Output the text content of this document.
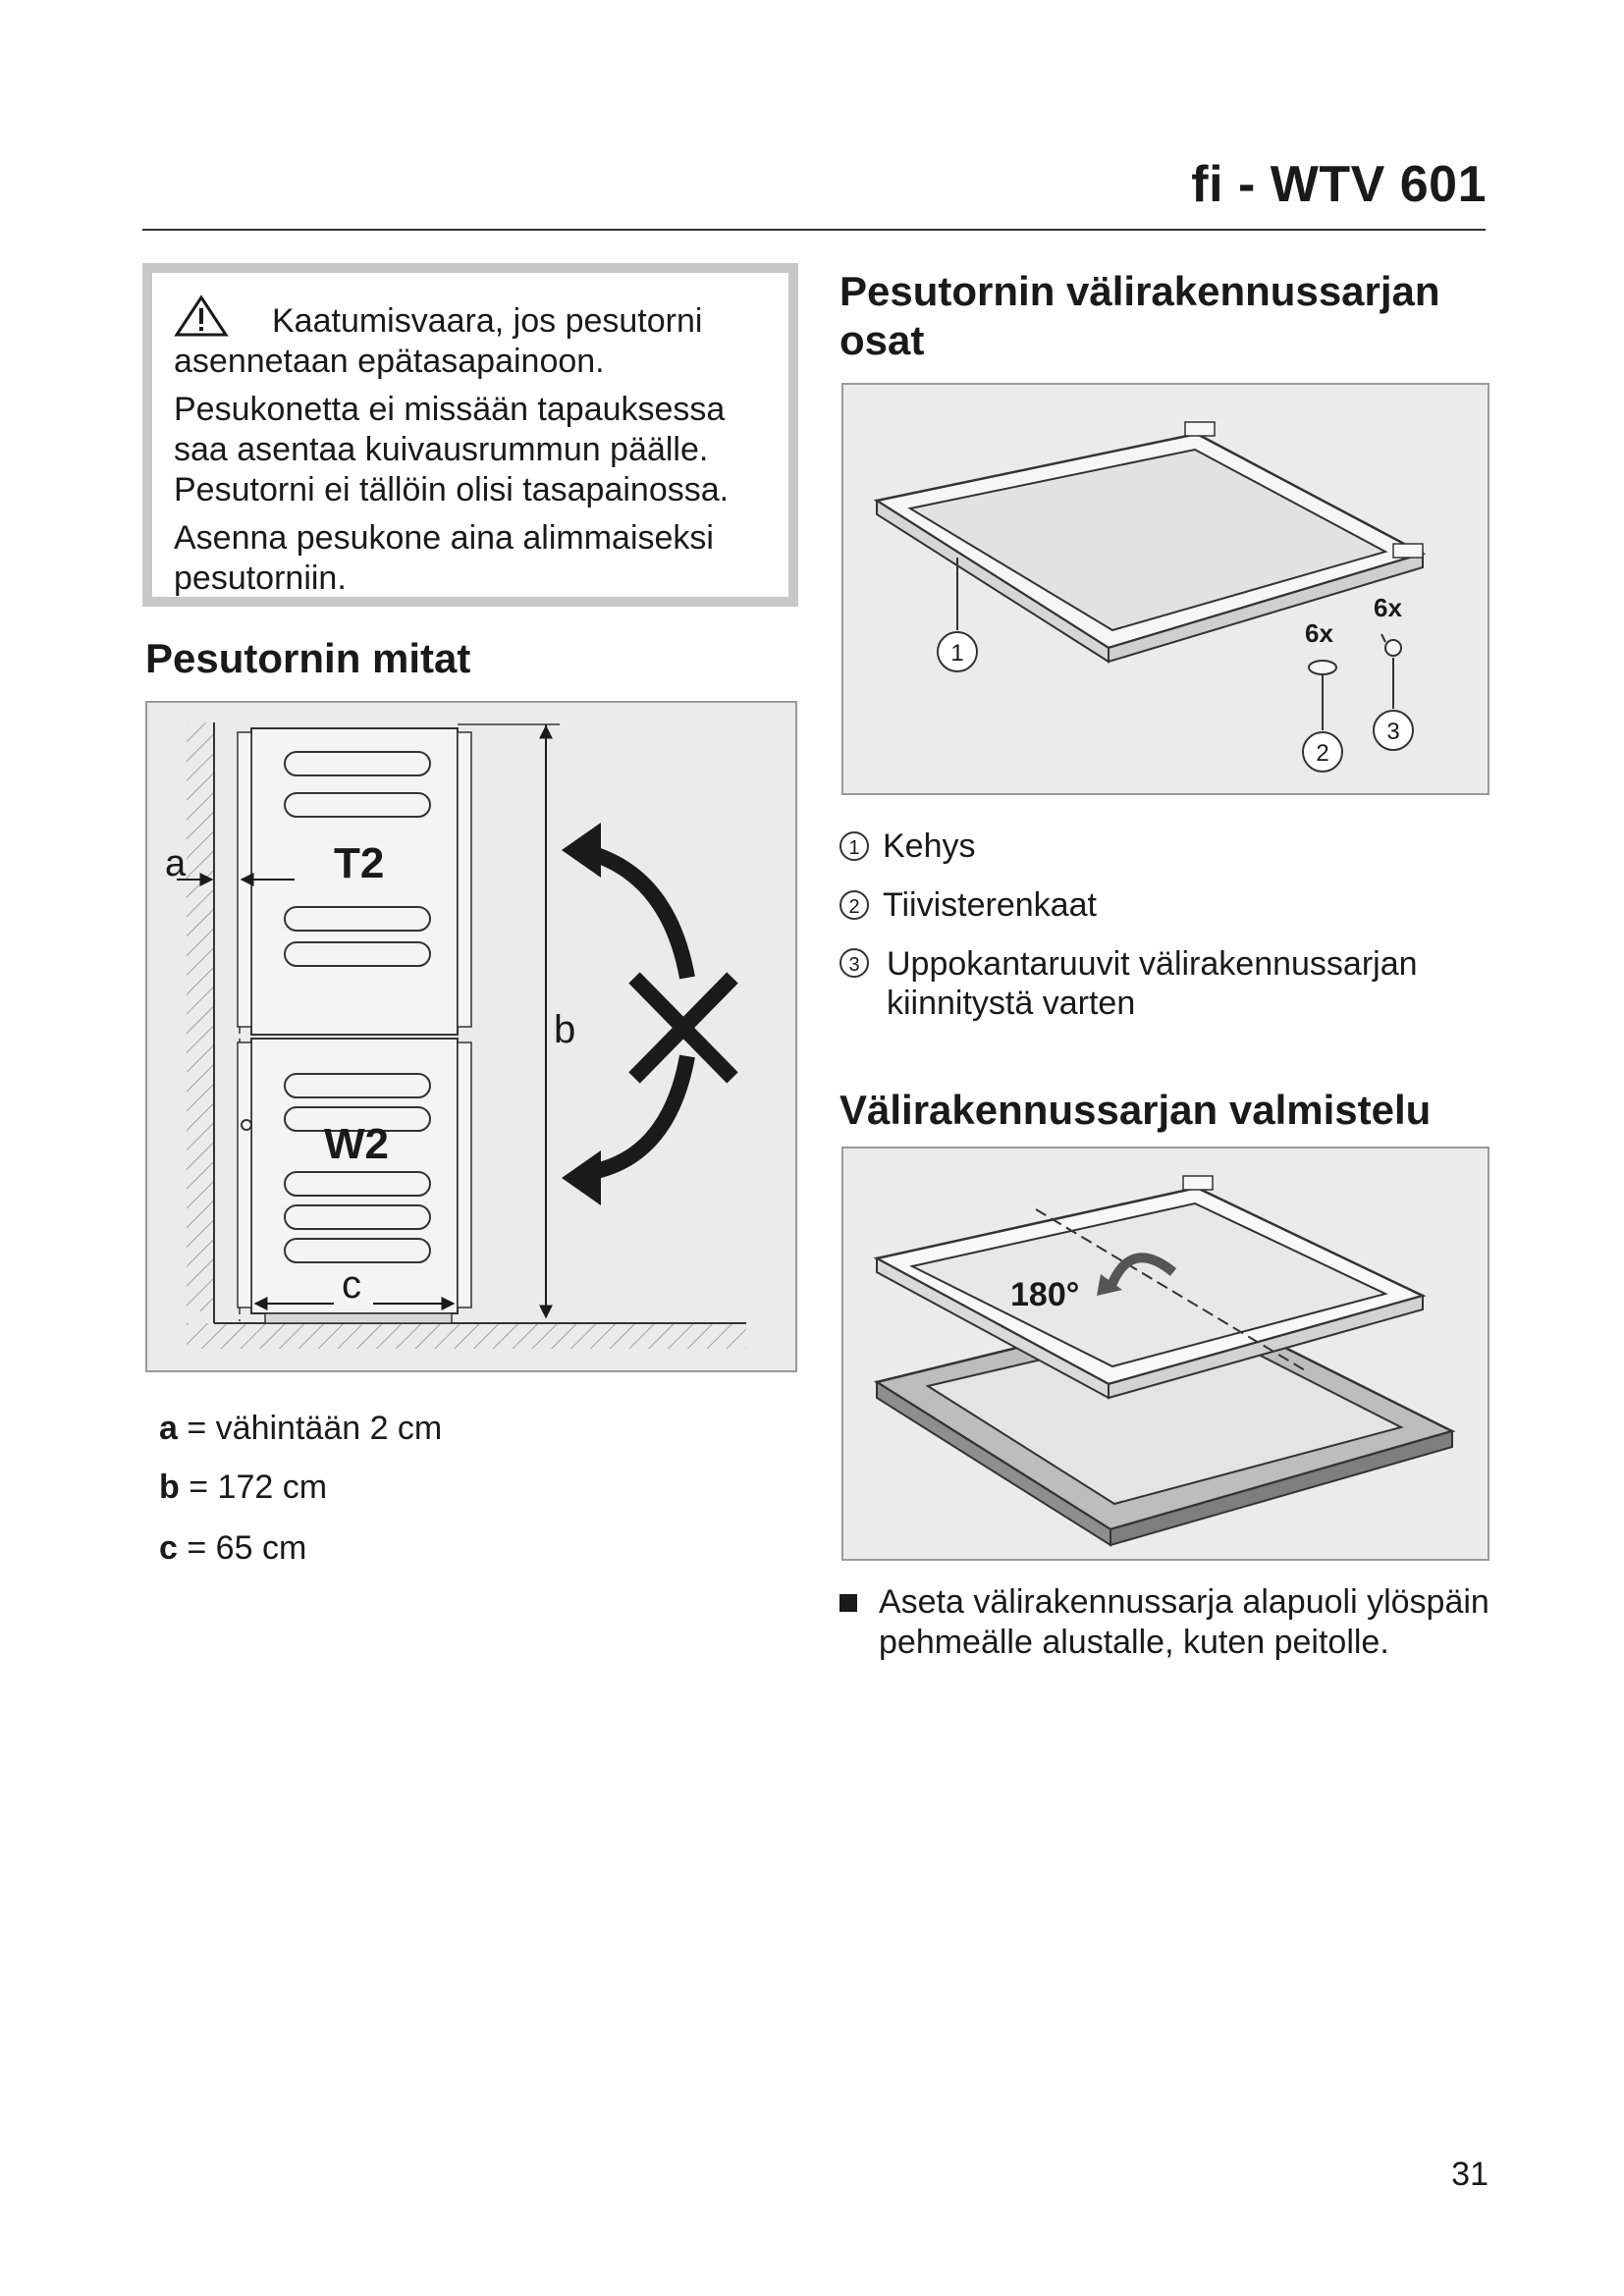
fi - WTV 601

Kaatumisvaara, jos pesutorni asennetaan epätasapainoon.

Pesukonetta ei missään tapauksessa saa asentaa kuivausrummun päälle. Pesutorni ei tällöin olisi tasapainossa.

Asenna pesukone aina alimmaiseksi pesutorniin.

Pesutornin mitat
a	T2
W2
b
c
a = vähintään 2 cm
b = 172 cm
c = 65 cm
Pesutornin välirakennussarjan osat
1
6x
2
6x
3
1 Kehys
2 Tiivisterenkaat
3 Uppokantaruuvit välirakennussarjan kiinnitystä varten
Välirakennussarjan valmistelu
180°
Aseta välirakennussarja alapuoli ylöspäin pehmeälle alustalle, kuten peitolle.
31
